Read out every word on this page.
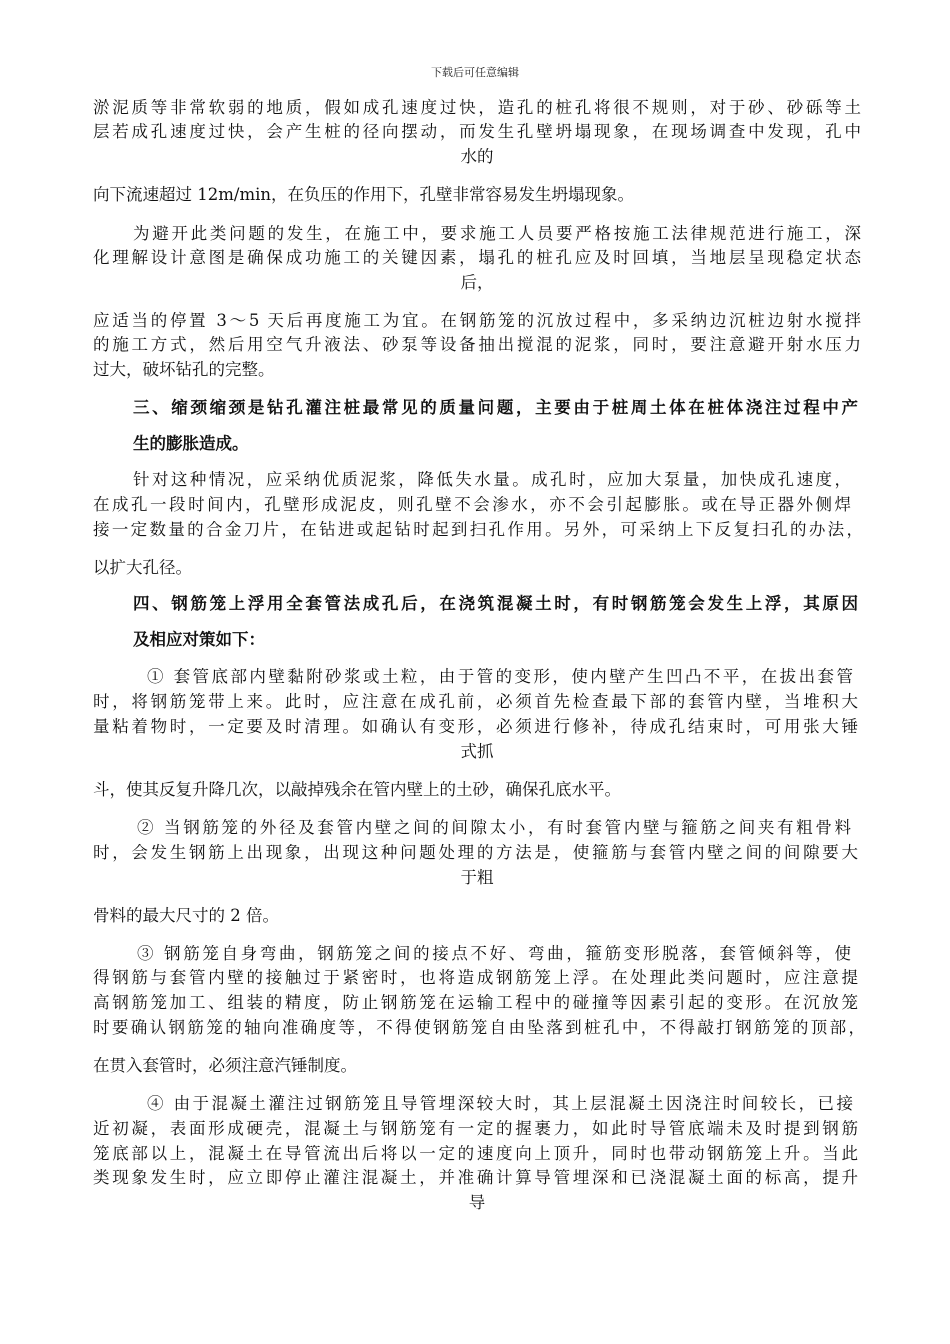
下载后可任意编辑
淤泥质等非常软弱的地质，假如成孔速度过快，造孔的桩孔将很不规则，对于砂、砂砾等土
层若成孔速度过快，会产生桩的径向摆动，而发生孔壁坍塌现象，在现场调查中发现，孔中
水的
向下流速超过 12m/min，在负压的作用下，孔壁非常容易发生坍塌现象。
为避开此类问题的发生，在施工中，要求施工人员要严格按施工法律规范进行施工，深
化理解设计意图是确保成功施工的关键因素，塌孔的桩孔应及时回填，当地层呈现稳定状态
后，
应适当的停置 3～5 天后再度施工为宜。在钢筋笼的沉放过程中，多采纳边沉桩边射水搅拌
的施工方式，然后用空气升液法、砂泵等设备抽出搅混的泥浆，同时，要注意避开射水压力
过大，破坏钻孔的完整。
三、缩颈缩颈是钻孔灌注桩最常见的质量问题，主要由于桩周土体在桩体浇注过程中产
生的膨胀造成。
针对这种情况，应采纳优质泥浆，降低失水量。成孔时，应加大泵量，加快成孔速度，
在成孔一段时间内，孔壁形成泥皮，则孔壁不会渗水，亦不会引起膨胀。或在导正器外侧焊
接一定数量的合金刀片，在钻进或起钻时起到扫孔作用。另外，可采纳上下反复扫孔的办法，
以扩大孔径。
四、钢筋笼上浮用全套管法成孔后，在浇筑混凝土时，有时钢筋笼会发生上浮，其原因
及相应对策如下：
① 套管底部内壁黏附砂浆或土粒，由于管的变形，使内壁产生凹凸不平，在拔出套管
时，将钢筋笼带上来。此时，应注意在成孔前，必须首先检查最下部的套管内壁，当堆积大
量粘着物时，一定要及时清理。如确认有变形，必须进行修补，待成孔结束时，可用张大锤
式抓
斗，使其反复升降几次，以敲掉残余在管内壁上的土砂，确保孔底水平。
② 当钢筋笼的外径及套管内壁之间的间隙太小，有时套管内壁与箍筋之间夹有粗骨料
时，会发生钢筋上出现象，出现这种问题处理的方法是，使箍筋与套管内壁之间的间隙要大
于粗
骨料的最大尺寸的 2 倍。
③ 钢筋笼自身弯曲，钢筋笼之间的接点不好、弯曲，箍筋变形脱落，套管倾斜等，使
得钢筋与套管内壁的接触过于紧密时，也将造成钢筋笼上浮。在处理此类问题时，应注意提
高钢筋笼加工、组装的精度，防止钢筋笼在运输工程中的碰撞等因素引起的变形。在沉放笼
时要确认钢筋笼的轴向准确度等，不得使钢筋笼自由坠落到桩孔中，不得敲打钢筋笼的顶部，
在贯入套管时，必须注意汽锤制度。
④ 由于混凝土灌注过钢筋笼且导管埋深较大时，其上层混凝土因浇注时间较长，已接
近初凝，表面形成硬壳，混凝土与钢筋笼有一定的握裹力，如此时导管底端未及时提到钢筋
笼底部以上，混凝土在导管流出后将以一定的速度向上顶升，同时也带动钢筋笼上升。当此
类现象发生时，应立即停止灌注混凝土，并准确计算导管埋深和已浇混凝土面的标高，提升
导
